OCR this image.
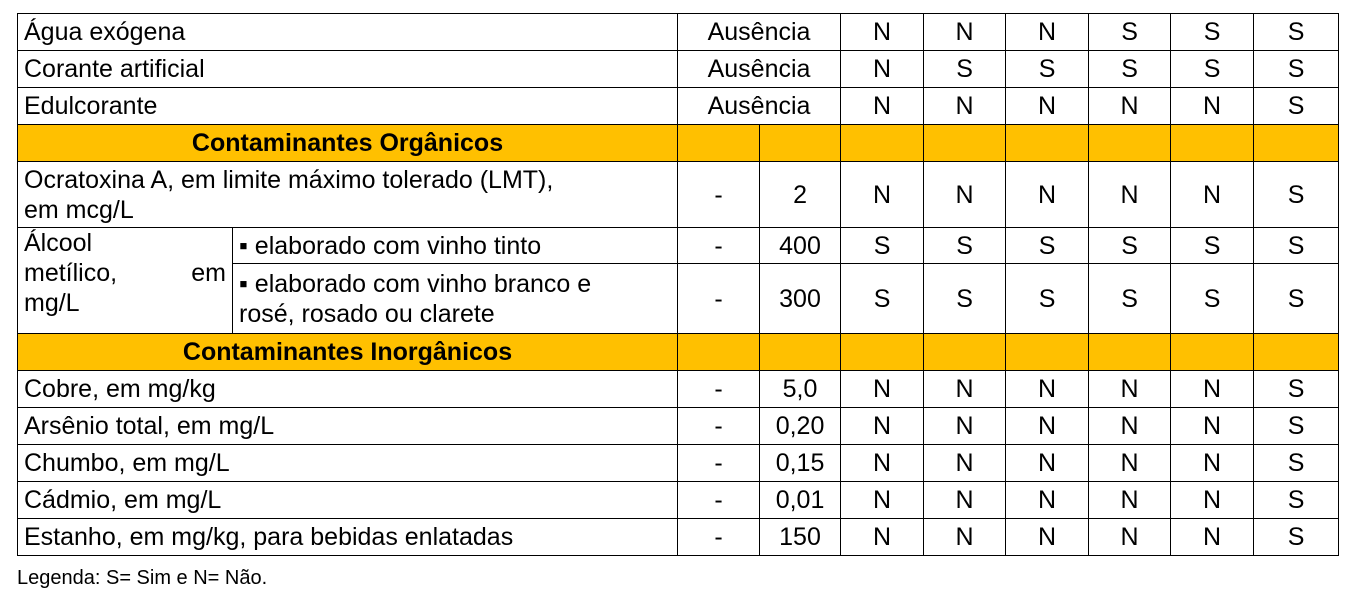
Água exógena		Ausência		N	N	N	S	S	S
Corante artificial		Ausência		N	S	S	S	S	S
Edulcorante		Ausência		N	N	N	N	N	S
Contaminantes Orgânicos									

Ocratoxina A, em limite máximo tolerado (LMT),
em mcg/L		-	2	N	N	N	N	N	S

Álcool
metílico, em
mg/L	▪ elaborado com vinho tinto	-	400	S	S	S	S	S	S

	▪ elaborado com vinho branco e
rosé, rosado ou clarete	-	300	S	S	S	S	S	S
Contaminantes Inorgânicos									
Cobre, em mg/kg		-	5,0	N	N	N	N	N	S
Arsênio total, em mg/L		-	0,20	N	N	N	N	N	S
Chumbo, em mg/L		-	0,15	N	N	N	N	N	S
Cádmio, em mg/L		-	0,01	N	N	N	N	N	S
Estanho, em mg/kg, para bebidas enlatadas		-	150	N	N	N	N	N	S
Legenda: S= Sim e N= Não.
